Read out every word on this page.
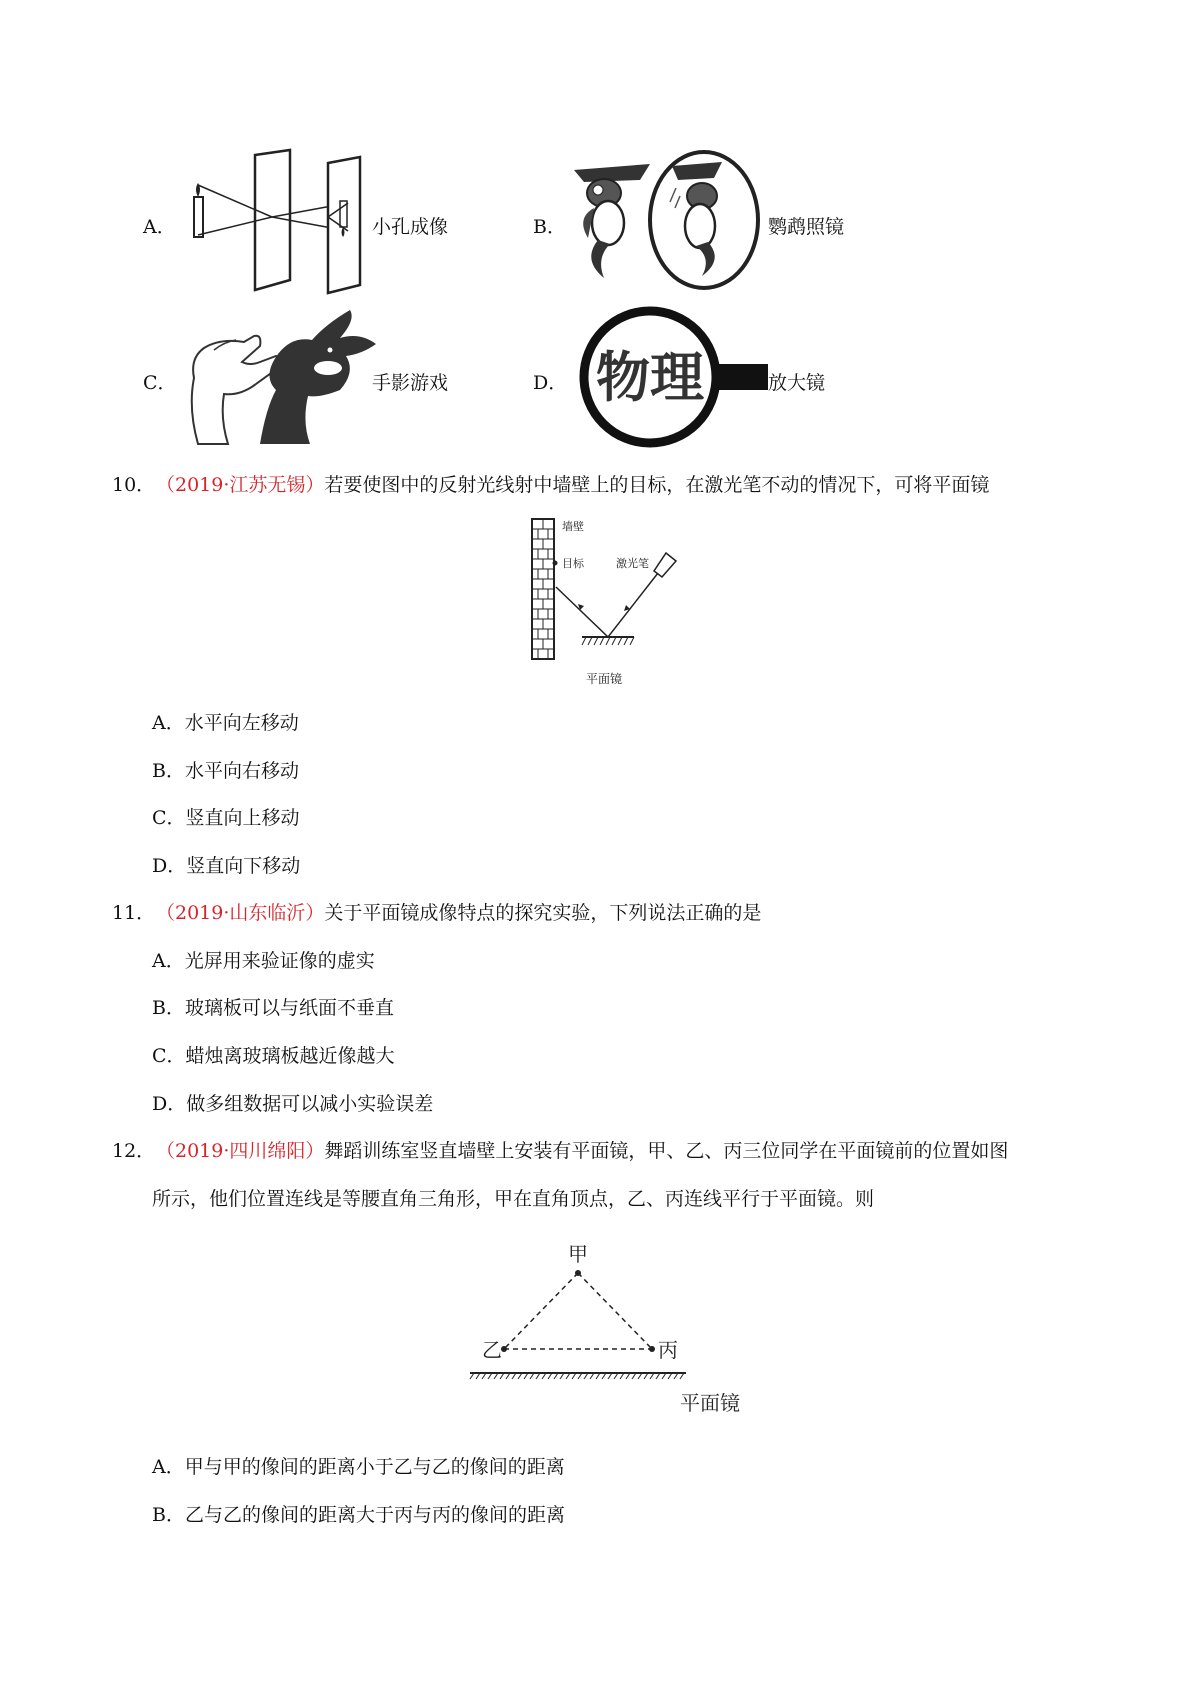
A．	小孔成像	B．	鹦鹉照镜
C．	手影游戏	D． 物理	放大镜
10．（2019·江苏无锡）若要使图中的反射光线射中墙壁上的目标，在激光笔不动的情况下，可将平面镜
墙壁
目标	激光笔
平面镜
A．水平向左移动
B．水平向右移动
C．竖直向上移动
D．竖直向下移动
11．（2019·山东临沂）关于平面镜成像特点的探究实验，下列说法正确的是
A．光屏用来验证像的虚实
B．玻璃板可以与纸面不垂直
C．蜡烛离玻璃板越近像越大
D．做多组数据可以减小实验误差
12．（2019·四川绵阳）舞蹈训练室竖直墙壁上安装有平面镜，甲、乙、丙三位同学在平面镜前的位置如图
所示，他们位置连线是等腰直角三角形，甲在直角顶点，乙、丙连线平行于平面镜。则
甲
乙	丙
平面镜
A．甲与甲的像间的距离小于乙与乙的像间的距离
B．乙与乙的像间的距离大于丙与丙的像间的距离
